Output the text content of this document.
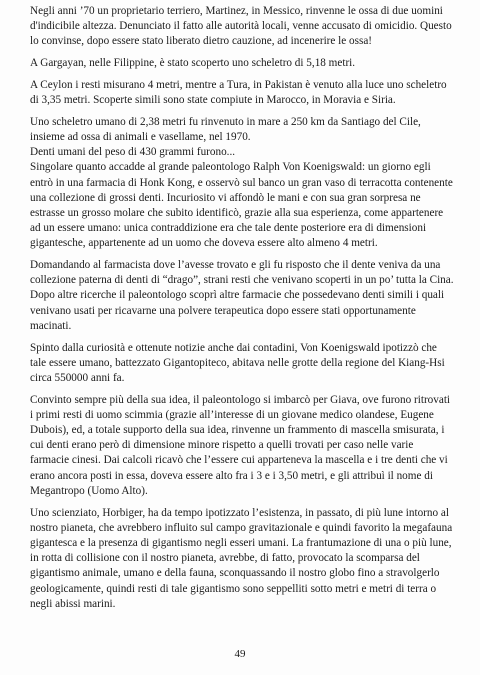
Negli anni ’70 un proprietario terriero, Martinez, in Messico, rinvenne le ossa di due uomini d'indicibile altezza. Denunciato il fatto alle autorità locali, venne accusato di omicidio. Questo lo convinse, dopo essere stato liberato dietro cauzione, ad incenerire le ossa!

A Gargayan, nelle Filippine, è stato scoperto uno scheletro di 5,18 metri.

A Ceylon i resti misurano 4 metri, mentre a Tura, in Pakistan è venuto alla luce uno scheletro di 3,35 metri. Scoperte simili sono state compiute in Marocco, in Moravia e Siria.

Uno scheletro umano di 2,38 metri fu rinvenuto in mare a 250 km da Santiago del Cile, insieme ad ossa di animali e vasellame, nel 1970.

Denti umani del peso di 430 grammi furono...

Singolare quanto accadde al grande paleontologo Ralph Von Koenigswald: un giorno egli entrò in una farmacia di Honk Kong, e osservò sul banco un gran vaso di terracotta contenente una collezione di grossi denti. Incuriosito vi affondò le mani e con sua gran sorpresa ne estrasse un grosso molare che subito identificò, grazie alla sua esperienza, come appartenere ad un essere umano: unica contraddizione era che tale dente posteriore era di dimensioni gigantesche, appartenente ad un uomo che doveva essere alto almeno 4 metri.

Domandando al farmacista dove l’avesse trovato e gli fu risposto che il dente veniva da una collezione paterna di denti di “drago”, strani resti che venivano scoperti in un po’ tutta la Cina. Dopo altre ricerche il paleontologo scoprì altre farmacie che possedevano denti simili i quali venivano usati per ricavarne una polvere terapeutica dopo essere stati opportunamente macinati.

Spinto dalla curiosità e ottenute notizie anche dai contadini, Von Koenigswald ipotizzò che tale essere umano, battezzato Gigantopiteco, abitava nelle grotte della regione del Kiang-Hsi circa 550000 anni fa.

Convinto sempre più della sua idea, il paleontologo si imbarcò per Giava, ove furono ritrovati i primi resti di uomo scimmia (grazie all’interesse di un giovane medico olandese, Eugene Dubois), ed, a totale supporto della sua idea, rinvenne un frammento di mascella smisurata, i cui denti erano però di dimensione minore rispetto a quelli trovati per caso nelle varie farmacie cinesi. Dai calcoli ricavò che l’essere cui apparteneva la mascella e i tre denti che vi erano ancora posti in essa, doveva essere alto fra i 3 e i 3,50 metri, e gli attribuì il nome di Megantropo (Uomo Alto).

Uno scienziato, Horbiger, ha da tempo ipotizzato l’esistenza, in passato, di più lune intorno al nostro pianeta, che avrebbero influito sul campo gravitazionale e quindi favorito la megafauna gigantesca e la presenza di gigantismo negli esseri umani. La frantumazione di una o più lune, in rotta di collisione con il nostro pianeta, avrebbe, di fatto, provocato la scomparsa del gigantismo animale, umano e della fauna, sconquassando il nostro globo fino a stravolgerlo geologicamente, quindi resti di tale gigantismo sono seppelliti sotto metri e metri di terra o negli abissi marini.

49
